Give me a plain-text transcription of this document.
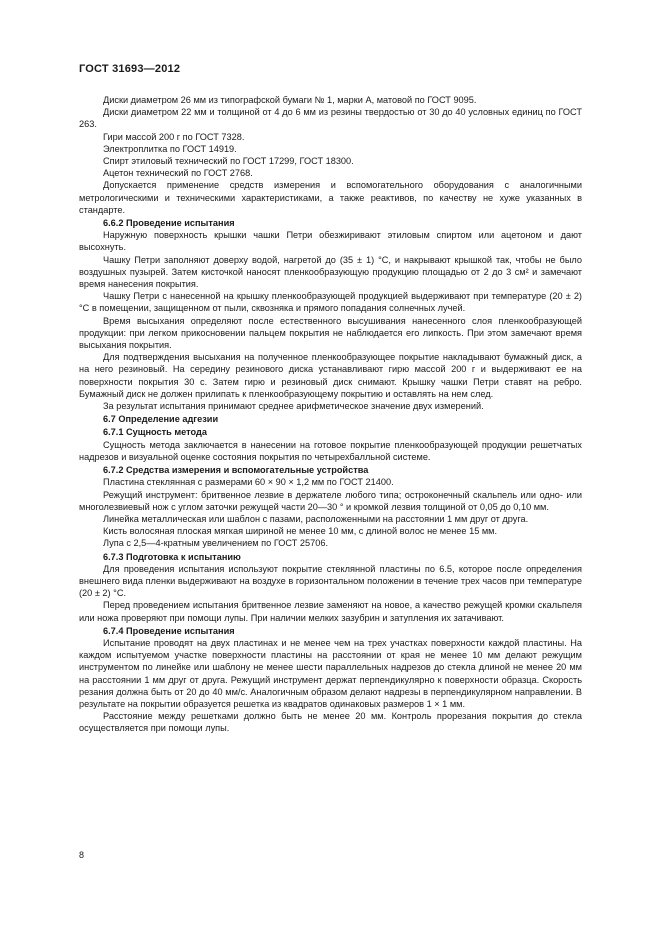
ГОСТ 31693—2012

Диски диаметром 26 мм из типографской бумаги № 1, марки А, матовой по ГОСТ 9095.

Диски диаметром 22 мм и толщиной от 4 до 6 мм из резины твердостью от 30 до 40 условных единиц по ГОСТ 263.

Гири массой 200 г по ГОСТ 7328.

Электроплитка по ГОСТ 14919.

Спирт этиловый технический по ГОСТ 17299, ГОСТ 18300.

Ацетон технический по ГОСТ 2768.

Допускается применение средств измерения и вспомогательного оборудования с аналогичными метрологическими и техническими характеристиками, а также реактивов, по качеству не хуже указанных в стандарте.

6.6.2 Проведение испытания

Наружную поверхность крышки чашки Петри обезжиривают этиловым спиртом или ацетоном и дают высохнуть.

Чашку Петри заполняют доверху водой, нагретой до (35 ± 1) °С, и накрывают крышкой так, чтобы не было воздушных пузырей. Затем кисточкой наносят пленкообразующую продукцию площадью от 2 до 3 см² и замечают время нанесения покрытия.

Чашку Петри с нанесенной на крышку пленкообразующей продукцией выдерживают при температуре (20 ± 2) °С в помещении, защищенном от пыли, сквозняка и прямого попадания солнечных лучей.

Время высыхания определяют после естественного высушивания нанесенного слоя пленкообразующей продукции: при легком прикосновении пальцем покрытия не наблюдается его липкость. При этом замечают время высыхания покрытия.

Для подтверждения высыхания на полученное пленкообразующее покрытие накладывают бумажный диск, а на него резиновый. На середину резинового диска устанавливают гирю массой 200 г и выдерживают ее на поверхности покрытия 30 с. Затем гирю и резиновый диск снимают. Крышку чашки Петри ставят на ребро. Бумажный диск не должен прилипать к пленкообразующему покрытию и оставлять на нем след.

За результат испытания принимают среднее арифметическое значение двух измерений.

6.7 Определение адгезии
6.7.1 Сущность метода

Сущность метода заключается в нанесении на готовое покрытие пленкообразующей продукции решетчатых надрезов и визуальной оценке состояния покрытия по четырехбалльной системе.

6.7.2 Средства измерения и вспомогательные устройства

Пластина стеклянная с размерами 60 × 90 × 1,2 мм по ГОСТ 21400.

Режущий инструмент: бритвенное лезвие в держателе любого типа; остроконечный скальпель или одно- или многолезвиевый нож с углом заточки режущей части 20—30 ° и кромкой лезвия толщиной от 0,05 до 0,10 мм.

Линейка металлическая или шаблон с пазами, расположенными на расстоянии 1 мм друг от друга.

Кисть волосяная плоская мягкая шириной не менее 10 мм, с длиной волос не менее 15 мм.

Лупа с 2,5—4-кратным увеличением по ГОСТ 25706.

6.7.3 Подготовка к испытанию

Для проведения испытания используют покрытие стеклянной пластины по 6.5, которое после определения внешнего вида пленки выдерживают на воздухе в горизонтальном положении в течение трех часов при температуре (20 ± 2) °С.

Перед проведением испытания бритвенное лезвие заменяют на новое, а качество режущей кромки скальпеля или ножа проверяют при помощи лупы. При наличии мелких зазубрин и затупления их затачивают.

6.7.4 Проведение испытания

Испытание проводят на двух пластинах и не менее чем на трех участках поверхности каждой пластины. На каждом испытуемом участке поверхности пластины на расстоянии от края не менее 10 мм делают режущим инструментом по линейке или шаблону не менее шести параллельных надрезов до стекла длиной не менее 20 мм на расстоянии 1 мм друг от друга. Режущий инструмент держат перпендикулярно к поверхности образца. Скорость резания должна быть от 20 до 40 мм/с. Аналогичным образом делают надрезы в перпендикулярном направлении. В результате на покрытии образуется решетка из квадратов одинаковых размеров 1 × 1 мм.

Расстояние между решетками должно быть не менее 20 мм. Контроль прорезания покрытия до стекла осуществляется при помощи лупы.

8
